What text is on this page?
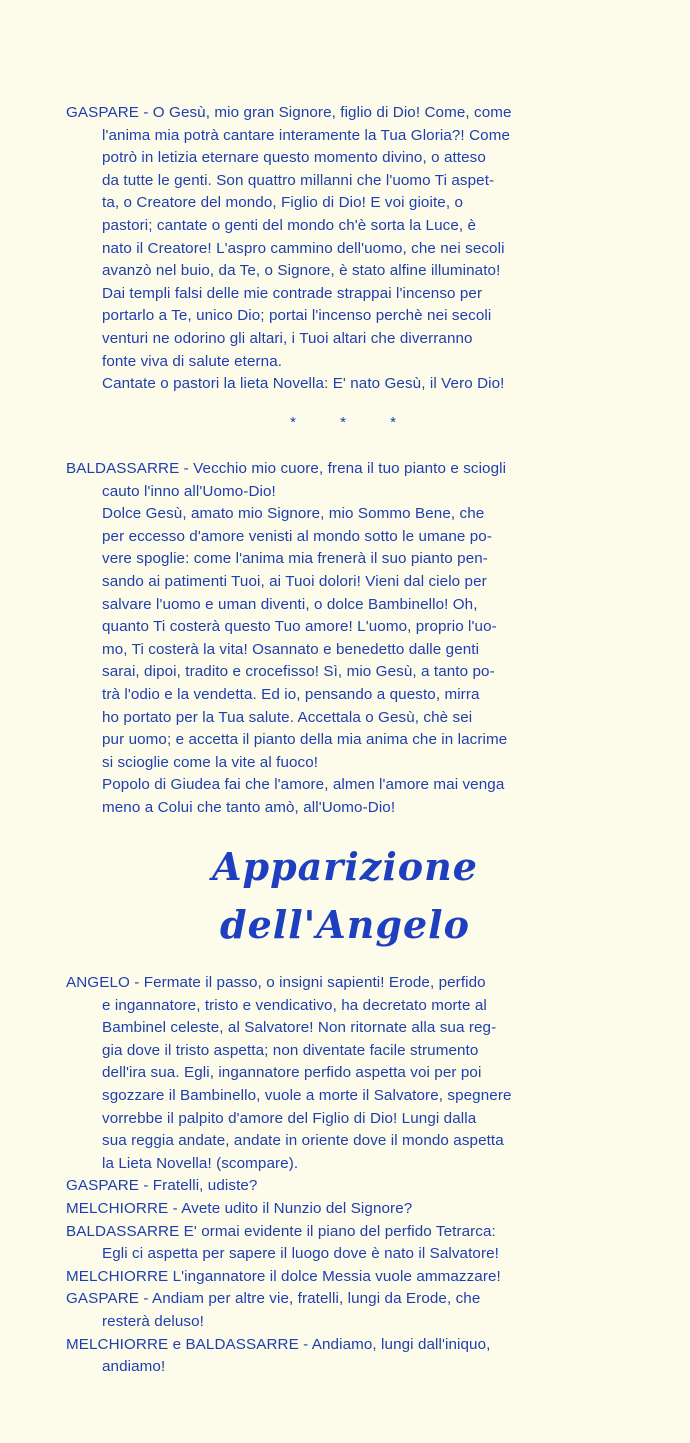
GASPARE - O Gesù, mio gran Signore, figlio di Dio! Come, come
l'anima mia potrà cantare interamente la Tua Gloria?! Come
potrò in letizia eternare questo momento divino, o atteso
da tutte le genti. Son quattro millanni che l'uomo Ti aspet-
ta, o Creatore del mondo, Figlio di Dio! E voi gioite, o
pastori; cantate o genti del mondo ch'è sorta la Luce, è
nato il Creatore! L'aspro cammino dell'uomo, che nei secoli
avanzò nel buio, da Te, o Signore, è stato alfine illuminato!
Dai templi falsi delle mie contrade strappai l'incenso per
portarlo a Te, unico Dio; portai l'incenso perchè nei secoli
venturi ne odorino gli altari, i Tuoi altari che diverranno
fonte viva di salute eterna.
Cantate o pastori la lieta Novella: E' nato Gesù, il Vero Dio!
* * *
BALDASSARRE - Vecchio mio cuore, frena il tuo pianto e sciogli
cauto l'inno all'Uomo-Dio!
Dolce Gesù, amato mio Signore, mio Sommo Bene, che
per eccesso d'amore venisti al mondo sotto le umane po-
vere spoglie: come l'anima mia frenerà il suo pianto pen-
sando ai patimenti Tuoi, ai Tuoi dolori! Vieni dal cielo per
salvare l'uomo e uman diventi, o dolce Bambinello! Oh,
quanto Ti costerà questo Tuo amore! L'uomo, proprio l'uo-
mo, Ti costerà la vita! Osannato e benedetto dalle genti
sarai, dipoi, tradito e crocefisso! Sì, mio Gesù, a tanto po-
trà l'odio e la vendetta. Ed io, pensando a questo, mirra
ho portato per la Tua salute. Accettala o Gesù, chè sei
pur uomo; e accetta il pianto della mia anima che in lacrime
si scioglie come la vite al fuoco!
Popolo di Giudea fai che l'amore, almen l'amore mai venga
meno a Colui che tanto amò, all'Uomo-Dio!
Apparizione
dell'Angelo
ANGELO - Fermate il passo, o insigni sapienti! Erode, perfido
e ingannatore, tristo e vendicativo, ha decretato morte al
Bambinel celeste, al Salvatore! Non ritornate alla sua reg-
gia dove il tristo aspetta; non diventate facile strumento
dell'ira sua. Egli, ingannatore perfido aspetta voi per poi
sgozzare il Bambinello, vuole a morte il Salvatore, spegnere
vorrebbe il palpito d'amore del Figlio di Dio! Lungi dalla
sua reggia andate, andate in oriente dove il mondo aspetta
la Lieta Novella! (scompare).
GASPARE - Fratelli, udiste?
MELCHIORRE - Avete udito il Nunzio del Signore?
BALDASSARRE E' ormai evidente il piano del perfido Tetrarca:
Egli ci aspetta per sapere il luogo dove è nato il Salvatore!
MELCHIORRE L'ingannatore il dolce Messia vuole ammazzare!
GASPARE - Andiam per altre vie, fratelli, lungi da Erode, che
resterà deluso!
MELCHIORRE e BALDASSARRE - Andiamo, lungi dall'iniquo,
andiamo!
